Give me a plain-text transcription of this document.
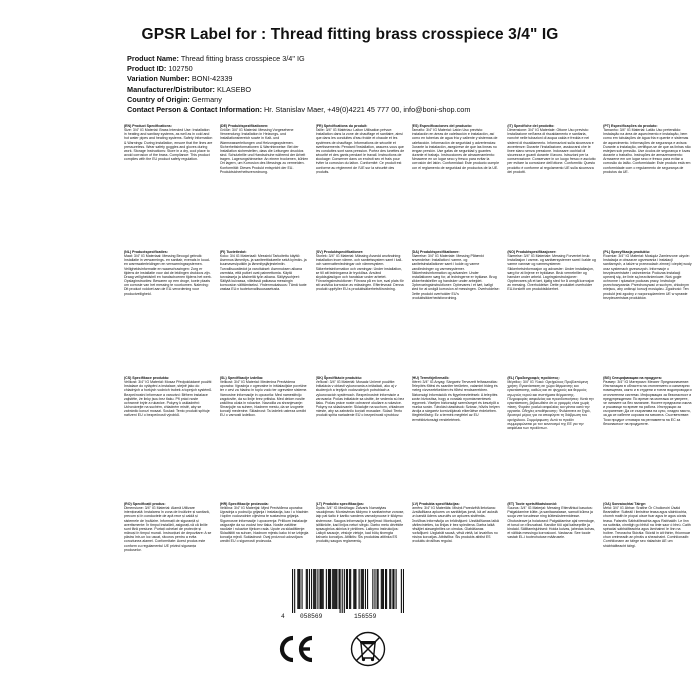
GPSR Label for : Thread fitting brass crosspiece 3/4" IG
Product Name: Thread fitting brass crosspiece 3/4" IG
Product ID: 102750
Variation Number: BONI-42339
Manufacturer/Distributor: KLASEBO
Country of Origin: Germany
Contact Person & Contact Information: Hr. Stanislav Maer, +49(0)4221 45 777 00, info@boni-shop.com

(EN) Product Specifications:

Size: 3/4" IG Material: Brass Intended Use: Installation in heating and sanitary systems, as well as in cold and hot water pipes and heating systems. Safety Information & Warnings: During installation, ensure that the lines are pressureless. Wear safety goggles and gloves during work. Storage Instructions: Store in a dry, cool place to avoid corrosion of the brass. Compliance: This product complies with the EU product safety regulation.

(DE) Produktspezifikationen:

Größe: 3/4" IG Material: Messing Vorgesehene Verwendung: Installation in Heizungs- und Installationsbereich sowie in Kalt- und Warmwasserleitungen und Heizungssystemen. Sicherheitsinformationen & Warnhinweise: Bei der Installation sicherstellen, dass die Leitungen drucklos sind. Schutzbrille und Handschuhe während der Arbeit tragen. Lagerungshinweise: An einem trockenen, kühlen Ort lagern, um Korrosion des Messings zu vermeiden. Konformität: Dieses Produkt entspricht der EU-Produktsicherheitsverordnung.

(FR) Spécifications du produit:

Taille: 3/4" IG Matériau: Laiton Utilisation prévue: Installation dans la zone de chauffage et sanitaire, ainsi que dans les conduites d'eau froide et chaude et les systèmes de chauffage. Informations de sécurité et avertissements: Pendant l'installation, assurez-vous que les conduites sont sans pression. Portez des lunettes de sécurité et des gants pendant le travail. Instructions de stockage: Conserver dans un endroit sec et frais pour éviter la corrosion du laiton. Conformité: Ce produit est conforme au règlement de l'UE sur la sécurité des produits.

(ES) Especificaciones del producto:

Tamaño: 3/4" IG Material: Latón Uso previsto: Instalación en áreas de calefacción e instalación, así como en tuberías de agua fría y caliente y sistemas de calefacción. Información de seguridad y advertencias: Durante la instalación, asegúrese de que las líneas no tengan presión. Use gafas de seguridad y guantes durante el trabajo. Instrucciones de almacenamiento: Almacene en un lugar seco y fresco para evitar la corrosión del latón. Conformidad: Este producto cumple con el reglamento de seguridad de productos de la UE.

(IT) Specifiche del prodotto:

Dimensione: 3/4" IG Materiale: Ottone Uso previsto: Installazione nell'area di riscaldamento e sanitaria, nonché nelle tubazioni di acqua calda e fredda e nei sistemi di riscaldamento. Informazioni sulla sicurezza e avvertenze: Durante l'installazione, assicurarsi che le linee siano senza pressione. Indossare occhiali di sicurezza e guanti durante il lavoro. Istruzioni per la conservazione: Conservare in un luogo fresco e asciutto per evitare la corrosione dell'ottone. Conformità: Questo prodotto è conforme al regolamento UE sulla sicurezza dei prodotti.

(PT) Especificações do produto:

Tamanho: 3/4" IG Material: Latão Uso pretendido: Instalação na área de aquecimento e instalação, bem como em tubulações de água fria e quente e sistemas de aquecimento. Informações de segurança e avisos: Durante a instalação, certifique-se de que as linhas não estejam sob pressão. Use óculos de segurança e luvas durante o trabalho. Instruções de armazenamento: Armazene em um lugar seco e fresco para evitar a corrosão do latão. Conformidade: Este produto está em conformidade com o regulamento de segurança de produtos da UE.

(NL) Productspecificaties:

Maat: 3/4" IG Materiaal: Messing Beoogd gebruik: Installatie in verwarmings- en sanitair, evenals in koud- en warmwaterleidingen en verwarmingssystemen. Veiligheidsinformatie en waarschuwingen: Zorg er tijdens de installatie voor dat de leidingen drukloos zijn. Draag veiligheidsbril en handschoenen tijdens het werk. Opslaginstructies: Bewaren op een droge, koele plaats om corrosie van het messing te voorkomen. Naleving: Dit product voldoet aan de EU-verordening voor productveiligheid.

(FI) Tuotetiedot:

Koko: 3/4 IG Materiaali: Messinki Tarkoitettu käyttö: Asennus lämmitys- ja saniteettialueelle sekä kylmän- ja kuumavesiputkiin ja lämmitysjärjestelmiin. Turvallisuustiedot ja varoitukset: Asennuksen aikana varmista, että putket ovat paineettomia. Käytä turvalaseja ja käsineitä työn aikana. Säilytysohjeet: Säilytä kuivassa, viileässä paikassa messingin korroosion välttämiseksi. Yhdenmukaisuus: Tämä tuote vastaa EU:n tuoteturvallisuusasetusta.

(SV) Produktspecifikationer:

Storlek: 3/4" IG Material: Mässing Avsedd användning: Installation inom värme- och sanitetssystem samt i kall- och varmvattenledningar och värmesystem. Säkerhetsinformation och varningar: Under installation, se till att ledningarna är trycklösa. Använd skyddsglasögon och handskar under arbetet. Förvaringsinstruktioner: Förvara på en torr, sval plats för att undvika korrosion av mässingen. Efterlevnad: Denna produkt uppfyller EU:s produktsäkerhetsförordning.

(DA) Produktspecifikationer:

Størrelse: 3/4" IG Materiale: Messing Påtænkt anvendelse: Installation i varme- og sanitetsinstallationer samt i kolde og varme vandledninger og varmesystemer. Sikkerhedsinformation og advarsler: Under installationen sørg for, at ledningerne er trykløse. Brug sikkerhedsbriller og handsker under arbejdet. Opbevaringsinstruktioner: Opbevares i et tørt, køligt sted for at undgå korrosion af messingen. Overholdelse: Dette produkt overholder EU's produktsikkerhedsforordning.

(NO) Produktspesifikasjoner:

Størrelse: 3/4" IG Materiale: Messing Forventet bruk: Installasjon i varme- og sanitærsystemer samt i kalde og varme vannrør og varmesystemer. Sikkerhetsinformasjon og advarsler: Under installasjon, sørg for at linjene er trykkløse. Bruk vernebriller og hansker under arbeid. Lagringsinstruksjoner: Oppbevares på et tørt, kjølig sted for å unngå korrosjon av messing. Overholdelse: Dette produktet overholder EU-forskrift om produktsikkerhet.

(PL) Specyfikacja produktu:

Rozmiar: 3/4" IG Materiał: Mosiądz Zamierzone użycie: Instalacja w obszarze ogrzewania i instalacji sanitarnych, a także w przewodach zimnej i ciepłej wody oraz systemach grzewczych. Informacje o bezpieczeństwie i ostrzeżenia: Podczas instalacji upewnij się, że linie są bezciśnieniowe. Noś gogle ochronne i rękawice podczas pracy. Instrukcje przechowywania: Przechowywać w suchym, chłodnym miejscu, aby uniknąć korozji mosiądzu. Zgodność: Ten produkt jest zgodny z rozporządzeniem UE w sprawie bezpieczeństwa produktów.

(CS) Specifikace produktu:

Velikost: 3/4" IG Materiál: Mosaz Předpokládané použití: Instalace do vytápění a instalace, stejně jako do chladných a horkých vodních trubek a topných systémů. Bezpečnostní informace a varování: Během instalace zajistěte, že linky jsou bez tlaku. Při práci noste ochranné brýle a rukavice. Pokyny k uskladnění: Uchovávejte na suchém, chladném místě, aby se zabránilo korozi mosazi. Soulad: Tento produkt splňuje nařízení EU o bezpečnosti výrobků.

(SL) Specifikacije izdelka:

Velikost: 3/4" IG Material: Medenina Predvidena uporaba: Vgradnja v ogrevalne in inštalacijske površine ter v cevi za hladno in toplo vodo ter ogrevalne sisteme. Varnostne informacije in opozorila: Med namestitvijo zagotovite, da so linije brez pritiska. Med delom nosite zaščitna očala in rokavice. Navodila za shranjevanje: Shranjujte na suhem, hladnem mestu, da se izognete koroziji medenine. Skladnost: Ta izdelek ustreza uredbi EU o varnosti izdelkov.

(SK) Špecifikácie produktu:

Veľkosť: 3/4" IG Materiál: Mosadz Určené použitie: Inštalácia v oblasti vykurovania a inštalácií, ako aj v studených a teplých vodovodných potrubiach a vykurovacích systémoch. Bezpečnostné informácie a varovania: Počas inštalácie sa uistite, že vedenia sú bez tlaku. Počas práce noste ochranné okuliare a rukavice. Pokyny na skladovanie: Skladujte na suchom, chladnom mieste, aby sa zabránilo korózii mosadze. Súlad: Tento produkt spĺňa nariadenie EÚ o bezpečnosti výrobkov.

(HU) Termékjellemzők:

Méret: 3/4" IG Anyag: Sárgaréz Tervezett felhasználás: Telepítés fűtési és szaniter területen, valamint hideg és meleg vízvezetékekben és fűtési rendszerekben. Biztonsági információk és figyelmeztetések: A telepítés során biztosítsa, hogy a vonalak nyomásmentesek legyenek. Viseljen biztonsági szemüveget és kesztyűt a munka során. Tárolási utasítások: Száraz, hűvös helyen tárolja a sárgaréz korróziójának elkerülése érdekében. Megfelelőség: Ez a termék megfelel az EU termékbiztonsági rendeletének.

(EL) Προδιαγραφές προϊόντος:

Μέγεθος: 3/4" IG Υλικό: Ορείχαλκος Προβλεπόμενη χρήση: Εγκατάσταση σε χώρο θέρμανσης και εγκατάστασης, καθώς και σε ψυχρούς και θερμούς αγωγούς νερού και συστήματα θέρμανσης. Πληροφορίες ασφαλείας και προειδοποιήσεις: Κατά την εγκατάσταση, βεβαιωθείτε ότι οι γραμμές είναι χωρίς πίεση. Φοράτε γυαλιά ασφαλείας και γάντια κατά την εργασία. Οδηγίες αποθήκευσης: Φυλάσσετε σε ξηρό, δροσερό μέρος για να αποφύγετε τη διάβρωση του ορείχαλκου. Συμμόρφωση: Αυτό το προϊόν συμμορφώνεται με τον κανονισμό της ΕΕ για την ασφάλεια των προϊόντων.

(BG) Спецификации на продукта:

Размер: 3/4" IG Материал: Месинг Предназначение: Инсталация в областта на отоплението и санитарни помещения, както и в студени и топли водопроводи и отоплителни системи. Информация за безопасност и предупреждения: По време на монтажа се уверете, че линиите са без налягане. Носете предпазни очила и ръкавици по време на работа. Инструкции за съхранение: Да се съхранява на сухо, хладно място, за да се избегне корозия на месинга. Съответствие: Този продукт отговаря на регламента на ЕС за безопасност на продуктите.

(RO) Specificații produs:

Dimensiune: 3/4" IG Material: Alamă Utilizare intenționată: Instalarea în zona de încălzire și sanitară, precum și în conductele de apă rece și caldă și sistemele de încălzire. Informații de siguranță și avertismente: În timpul instalării, asigurați-vă că liniile sunt fără presiune. Purtați ochelari de protecție și mănuși în timpul muncii. Instrucțiuni de depozitare: A se păstra într-un loc uscat, răcoros pentru a evita coroziunea alamei. Conformitate: Acest produs este conform cu regulamentul UE privind siguranța produselor.

(HR) Specifikacije proizvoda:

Veličina: 3/4" IG Materijal: Mjed Predviđena uporaba: Ugradnja u području grijanja i instalacija, kao i u hladnim i toplim vodovodnim cijevima te sustavima grijanja. Sigurnosne informacije i upozorenja: Prilikom instalacije osigurajte da su vodovi bez tlaka. Nosite zaštitne naočale i rukavice tijekom rada. Upute za skladištenje: Skladištiti na suhom, hladnom mjestu kako bi se izbjegla korozija mjedi. Sukladnost: Ovaj proizvod udovoljava uredbi EU o sigurnosti proizvoda.

(LT) Produkto specifikacijos:

Dydis: 3/4" IG Medžiaga: Žalvaris Numatytas naudojimas: Montavimas šildymo ir sanitarinėse zonose, taip pat šalto ir karšto vandens vamzdynuose ir šildymo sistemose. Saugos informacija ir įspėjimai: Montuojant, įsitikinkite, kad linijos neturi slėgio. Darbo metu dėvėkite apsauginius akinius ir pirštines. Laikymo instrukcijos: Laikyti sausoje, vėsioje vietoje, kad būtų išvengta žalvario korozijos. Atitiktis: Šis produktas atitinka ES produktų saugos reglamentą.

(LV) Produkta specifikācijas:

Izmērs: 3/4" IG Materiāls: Misiņš Paredzētā lietošana: Uzstādīšana apkures un sanitārijas jomā, kā arī aukstā un karstā ūdens caurulēs un apkures sistēmās. Drošības informācija un brīdinājumi: Uzstādīšanas laikā pārliecinieties, ka līnijas ir bez spiediena. Darba laikā nēsājiet aizsargbrilles un cimdus. Glabāšanas norādījumi: Uzglabāt sausā, vēsā vietā, lai izvairītos no misiņa korozijas. Atbilstība: Šis produkts atbilst ES produktu drošības regulai.

(ET) Toote spetsifikatsioonid:

Suurus: 3/4" IG Materjal: Messing Ettenähtud kasutus: Paigaldamine kütte- ja sanitaaralasse, samuti külma ja sooja vee torudesse ning küttesüsteemidesse. Ohutusteave ja hoiatused: Paigaldamise ajal veenduge, et torud on rõhuvabad. Kandke töö ajal kaitseprille ja kindaid. Säilitamisjuhised: Hoida kuivas, jahedas kohas, et vältida messingu korrosiooni. Vastavus: See toode vastab EL-i tooteohutuse määrusele.

(GA) Sonraíochtaí Táirge:

Méid: 3/4" IG Ábhar: Sraithe Ór Chuilceoirí Úsáid Beartaithe: Suiteáil i limistéar teasa agus sláintíochta, chomh maith le píopaí uisce fuar agus te agus córais teasa. Faisnéis Sábháilteachta agus Rabhaidh: Le linn na suiteála, cinntigh go bhfuil na línte saor ó bhrú. Caith spéaclaí sábháilteachta agus lámhainní le linn na hoibre. Treoracha Stórála: Stóráil in áit thirim, fhionnuar chun creimeadh an phráis a sheachaint. Comhlíonadh: Comhlíonann an táirge seo rialachán AE um shábháilteacht táirgí.

4 058569	156559
